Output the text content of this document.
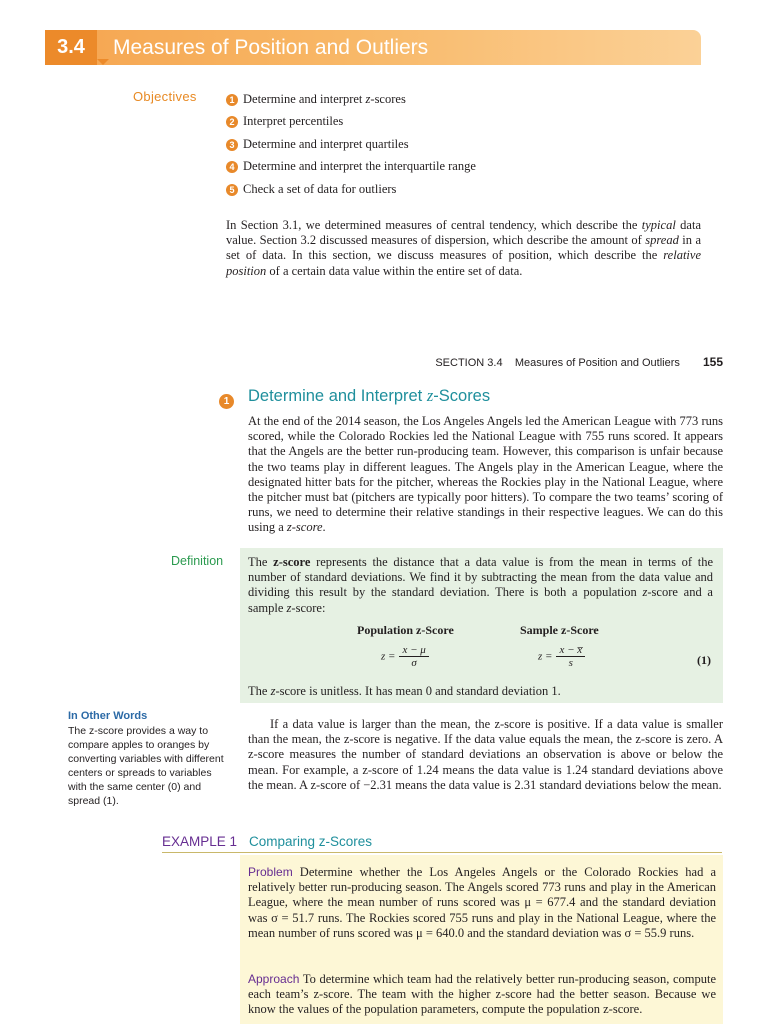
3.4	Measures of Position and Outliers
Objectives	1 Determine and interpret z-scores
2 Interpret percentiles
3 Determine and interpret quartiles
4 Determine and interpret the interquartile range
5 Check a set of data for outliers

In Section 3.1, we determined measures of central tendency, which describe the typical data value. Section 3.2 discussed measures of dispersion, which describe the amount of spread in a set of data. In this section, we discuss measures of position, which describe the relative position of a certain data value within the entire set of data.

SECTION 3.4 Measures of Position and Outliers 155
1 Determine and Interpret z-Scores

At the end of the 2014 season, the Los Angeles Angels led the American League with 773 runs scored, while the Colorado Rockies led the National League with 755 runs scored. It appears that the Angels are the better run-producing team. However, this comparison is unfair because the two teams play in different leagues. The Angels play in the American League, where the designated hitter bats for the pitcher, whereas the Rockies play in the National League, where the pitcher must bat (pitchers are typically poor hitters). To compare the two teams’ scoring of runs, we need to determine their relative standings in their respective leagues. We can do this using a z-score.

Definition The z-score represents the distance that a data value is from the mean in terms of the number of standard deviations. We find it by subtracting the mean from the data value and dividing this result by the standard deviation. There is both a population z-score and a sample z-score:

Population z-Score	Sample z-Score
$z = \frac{x - \mu}{\sigma}$	$z = \frac{x - x̅}{s}$	(1)
The z-score is unitless. It has mean 0 and standard deviation 1.
In Other Words
The z-score provides a way to compare apples to oranges by converting variables with different centers or spreads to variables with the same center (0) and spread (1).

If a data value is larger than the mean, the z-score is positive. If a data value is smaller than the mean, the z-score is negative. If the data value equals the mean, the z-score is zero. A z-score measures the number of standard deviations an observation is above or below the mean. For example, a z-score of 1.24 means the data value is 1.24 standard deviations above the mean. A z-score of −2.31 means the data value is 2.31 standard deviations below the mean.

EXAMPLE 1 Comparing z-Scores

Problem Determine whether the Los Angeles Angels or the Colorado Rockies had a relatively better run-producing season. The Angels scored 773 runs and play in the American League, where the mean number of runs scored was μ = 677.4 and the standard deviation was σ = 51.7 runs. The Rockies scored 755 runs and play in the National League, where the mean number of runs scored was μ = 640.0 and the standard deviation was σ = 55.9 runs.

Approach To determine which team had the relatively better run-producing season, compute each team’s z-score. The team with the higher z-score had the better season. Because we know the values of the population parameters, compute the population z-score.
